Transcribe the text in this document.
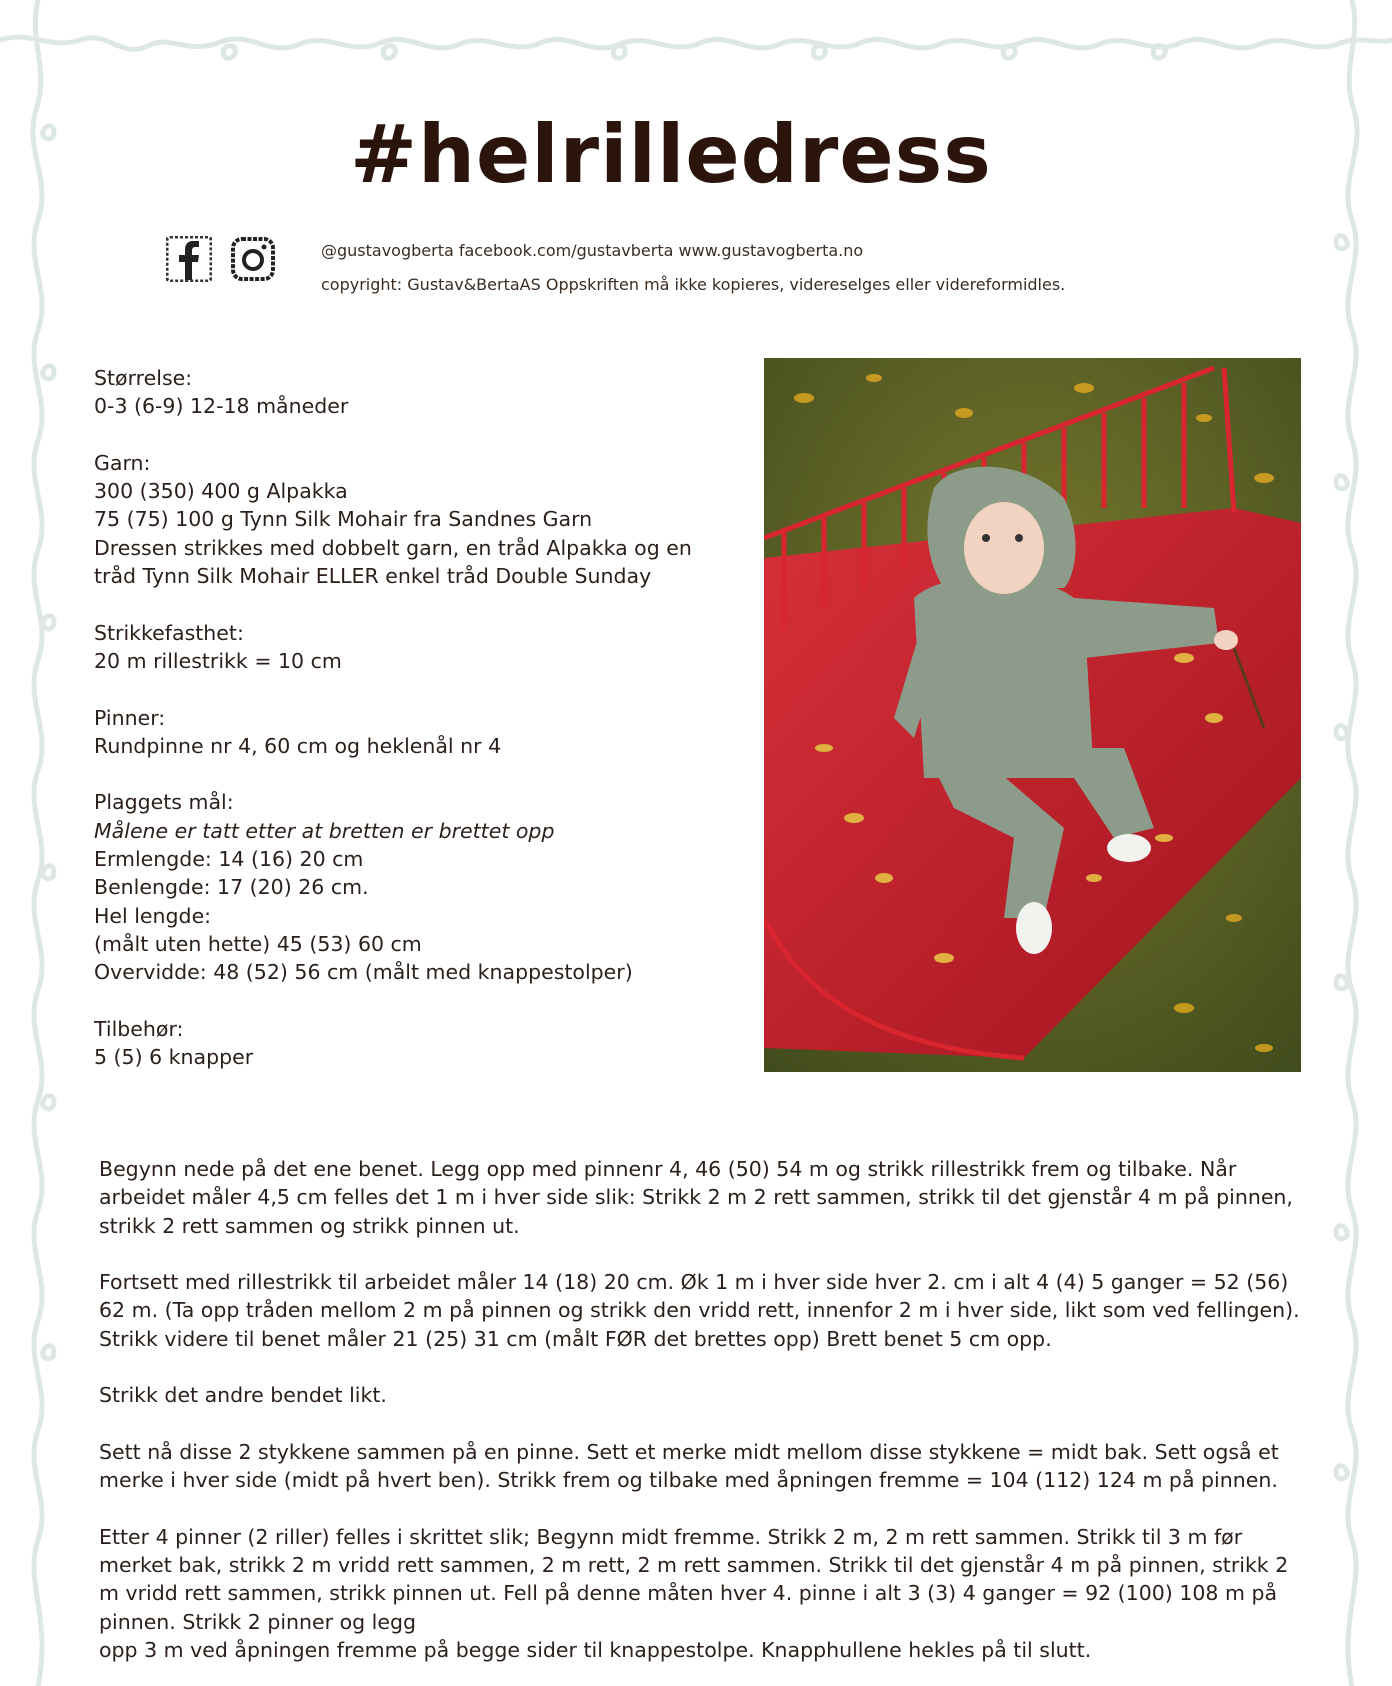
#helrilledress
@gustavogberta facebook.com/gustavberta www.gustavogberta.no
copyright: Gustav&BertaAS Oppskriften må ikke kopieres, videreselges eller videreformidles.
Størrelse:
0-3 (6-9) 12-18 måneder
Garn:
300 (350) 400 g Alpakka
75 (75) 100 g Tynn Silk Mohair fra Sandnes Garn
Dressen strikkes med dobbelt garn, en tråd Alpakka og en
tråd Tynn Silk Mohair ELLER enkel tråd Double Sunday
Strikkefasthet:
20 m rillestrikk = 10 cm
Pinner:
Rundpinne nr 4, 60 cm og heklenål nr 4
Plaggets mål:
Målene er tatt etter at bretten er brettet opp
Ermlengde: 14 (16) 20 cm
Benlengde: 17 (20) 26 cm.
Hel lengde:
(målt uten hette) 45 (53) 60 cm
Overvidde: 48 (52) 56 cm (målt med knappestolper)
Tilbehør:
5 (5) 6 knapper

Begynn nede på det ene benet. Legg opp med pinnenr 4, 46 (50) 54 m og strikk rillestrikk frem og tilbake. Når arbeidet måler 4,5 cm felles det 1 m i hver side slik: Strikk 2 m 2 rett sammen, strikk til det gjenstår 4 m på pinnen, strikk 2 rett sammen og strikk pinnen ut.

Fortsett med rillestrikk til arbeidet måler 14 (18) 20 cm. Øk 1 m i hver side hver 2. cm i alt 4 (4) 5 ganger = 52 (56) 62 m. (Ta opp tråden mellom 2 m på pinnen og strikk den vridd rett, innenfor 2 m i hver side, likt som ved fellingen). Strikk videre til benet måler 21 (25) 31 cm (målt FØR det brettes opp) Brett benet 5 cm opp.

Strikk det andre bendet likt.

Sett nå disse 2 stykkene sammen på en pinne. Sett et merke midt mellom disse stykkene = midt bak. Sett også et merke i hver side (midt på hvert ben). Strikk frem og tilbake med åpningen fremme = 104 (112) 124 m på pinnen.

Etter 4 pinner (2 riller) felles i skrittet slik; Begynn midt fremme. Strikk 2 m, 2 m rett sammen. Strikk til 3 m før merket bak, strikk 2 m vridd rett sammen, 2 m rett, 2 m rett sammen. Strikk til det gjenstår 4 m på pinnen, strikk 2 m vridd rett sammen, strikk pinnen ut. Fell på denne måten hver 4. pinne i alt 3 (3) 4 ganger = 92 (100) 108 m på pinnen. Strikk 2 pinner og legg

opp 3 m ved åpningen fremme på begge sider til knappestolpe. Knapphullene hekles på til slutt.
